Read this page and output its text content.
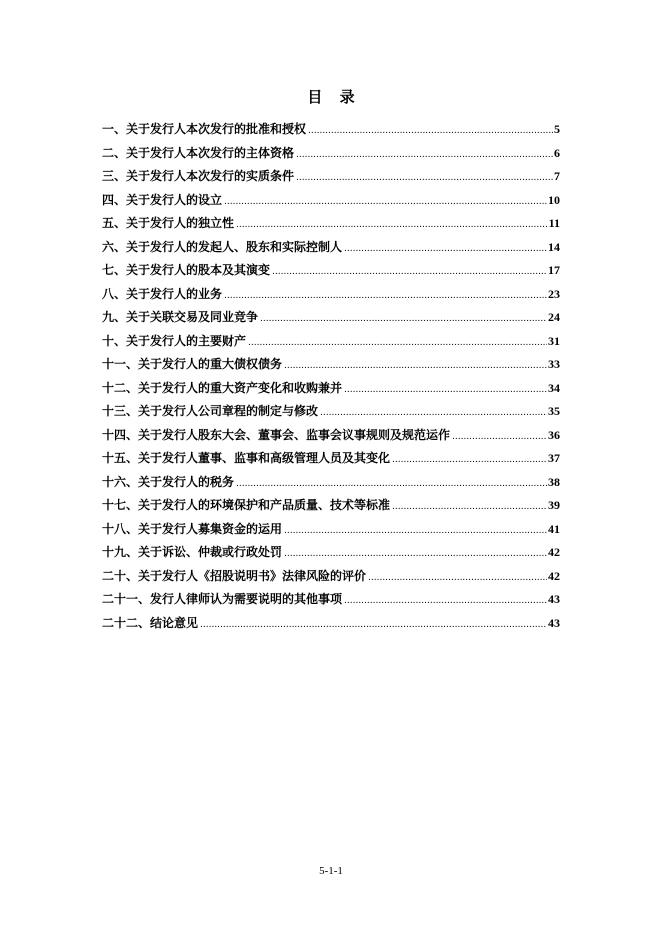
目 录
一、关于发行人本次发行的批准和授权 .....	5
二、关于发行人本次发行的主体资格 .....	6
三、关于发行人本次发行的实质条件 .....	7
四、关于发行人的设立 .....	10
五、关于发行人的独立性 .....	11
六、关于发行人的发起人、股东和实际控制人 .....	14
七、关于发行人的股本及其演变 .....	17
八、关于发行人的业务 .....	23
九、关于关联交易及同业竞争 .....	24
十、关于发行人的主要财产 .....	31
十一、关于发行人的重大债权债务 .....	33
十二、关于发行人的重大资产变化和收购兼并 .....	34
十三、关于发行人公司章程的制定与修改 .....	35
十四、关于发行人股东大会、董事会、监事会议事规则及规范运作 .....	36
十五、关于发行人董事、监事和高级管理人员及其变化 .....	37
十六、关于发行人的税务 .....	38
十七、关于发行人的环境保护和产品质量、技术等标准 .....	39
十八、关于发行人募集资金的运用 .....	41
十九、关于诉讼、仲裁或行政处罚 .....	42
二十、关于发行人《招股说明书》法律风险的评价 .....	42
二十一、发行人律师认为需要说明的其他事项 .....	43
二十二、结论意见 .....	43
5-1-1
